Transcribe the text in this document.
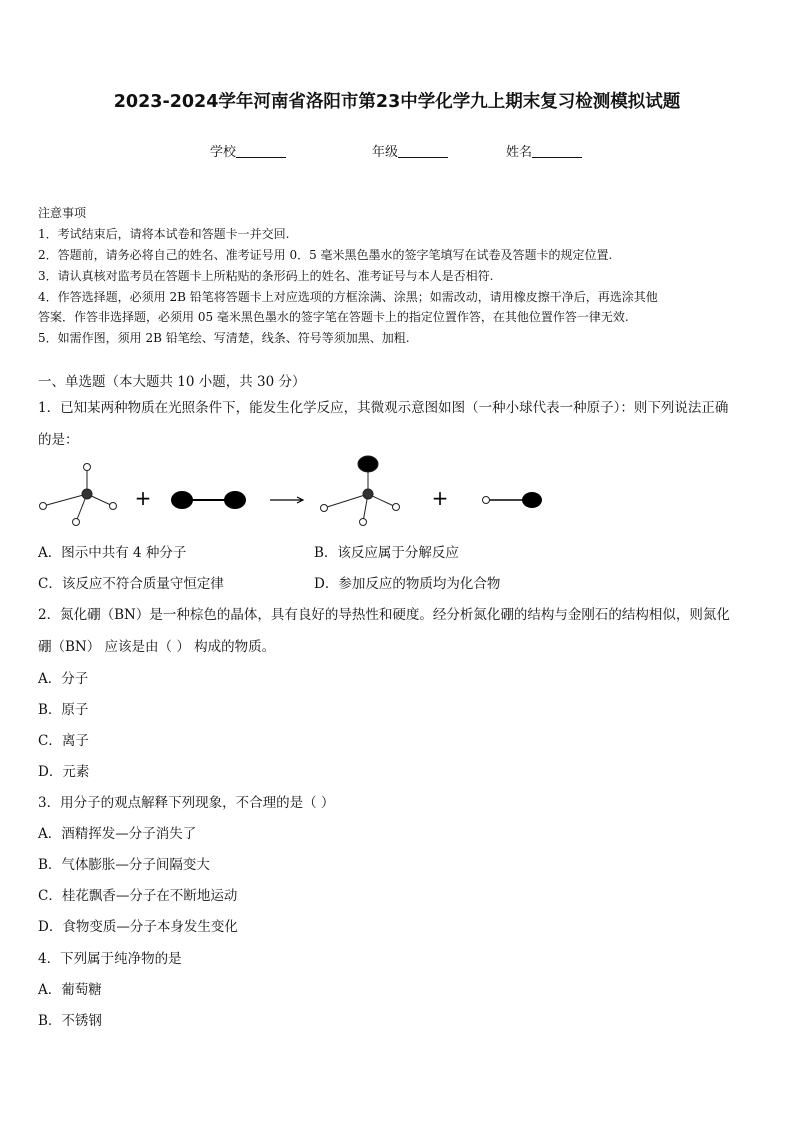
2023-2024学年河南省洛阳市第23中学化学九上期末复习检测模拟试题
学校	年级	姓名
注意事项
1．考试结束后，请将本试卷和答题卡一并交回.
2．答题前，请务必将自己的姓名、准考证号用 0．5 毫米黑色墨水的签字笔填写在试卷及答题卡的规定位置.
3．请认真核对监考员在答题卡上所粘贴的条形码上的姓名、准考证号与本人是否相符.
4．作答选择题，必须用 2B 铅笔将答题卡上对应选项的方框涂满、涂黑；如需改动，请用橡皮擦干净后，再选涂其他
答案．作答非选择题，必须用 05 毫米黑色墨水的签字笔在答题卡上的指定位置作答，在其他位置作答一律无效.
5．如需作图，须用 2B 铅笔绘、写清楚，线条、符号等须加黑、加粗.
一、单选题（本大题共 10 小题，共 30 分）
1．已知某两种物质在光照条件下，能发生化学反应，其微观示意图如图（一种小球代表一种原子）：则下列说法正确
的是：
+	+
A．图示中共有 4 种分子	B．该反应属于分解反应
C．该反应不符合质量守恒定律	D．参加反应的物质均为化合物
2．氮化硼（BN）是一种棕色的晶体，具有良好的导热性和硬度。经分析氮化硼的结构与金刚石的结构相似，则氮化
硼（BN） 应该是由（ ） 构成的物质。
A．分子
B．原子
C．离子
D．元素
3．用分子的观点解释下列现象，不合理的是（ ）
A．酒精挥发—分子消失了
B．气体膨胀—分子间隔变大
C．桂花飘香—分子在不断地运动
D．食物变质—分子本身发生变化
4．下列属于纯净物的是
A．葡萄糖
B．不锈钢
